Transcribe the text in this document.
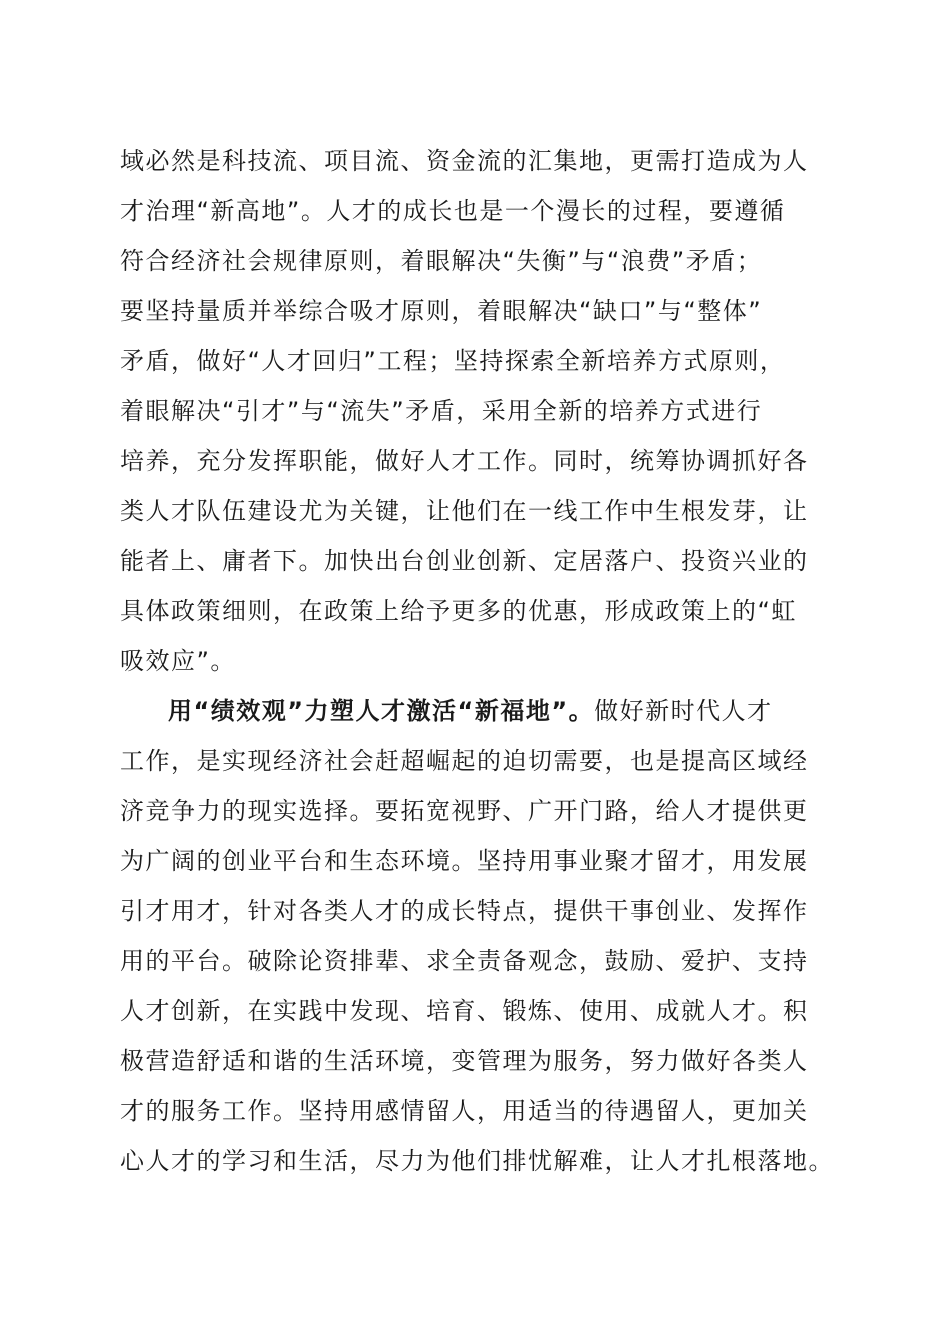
域必然是科技流、项目流、资金流的汇集地，更需打造成为人
才治理“新高地”。人才的成长也是一个漫长的过程，要遵循
符合经济社会规律原则，着眼解决“失衡”与“浪费”矛盾；
要坚持量质并举综合吸才原则，着眼解决“缺口”与“整体”
矛盾，做好“人才回归”工程；坚持探索全新培养方式原则，
着眼解决“引才”与“流失”矛盾，采用全新的培养方式进行
培养，充分发挥职能，做好人才工作。同时，统筹协调抓好各
类人才队伍建设尤为关键，让他们在一线工作中生根发芽，让
能者上、庸者下。加快出台创业创新、定居落户、投资兴业的
具体政策细则，在政策上给予更多的优惠，形成政策上的“虹
吸效应”。
用“绩效观”力塑人才激活“新福地”。做好新时代人才
工作，是实现经济社会赶超崛起的迫切需要，也是提高区域经
济竞争力的现实选择。要拓宽视野、广开门路，给人才提供更
为广阔的创业平台和生态环境。坚持用事业聚才留才，用发展
引才用才，针对各类人才的成长特点，提供干事创业、发挥作
用的平台。破除论资排辈、求全责备观念，鼓励、爱护、支持
人才创新，在实践中发现、培育、锻炼、使用、成就人才。积
极营造舒适和谐的生活环境，变管理为服务，努力做好各类人
才的服务工作。坚持用感情留人，用适当的待遇留人，更加关
心人才的学习和生活，尽力为他们排忧解难，让人才扎根落地。
